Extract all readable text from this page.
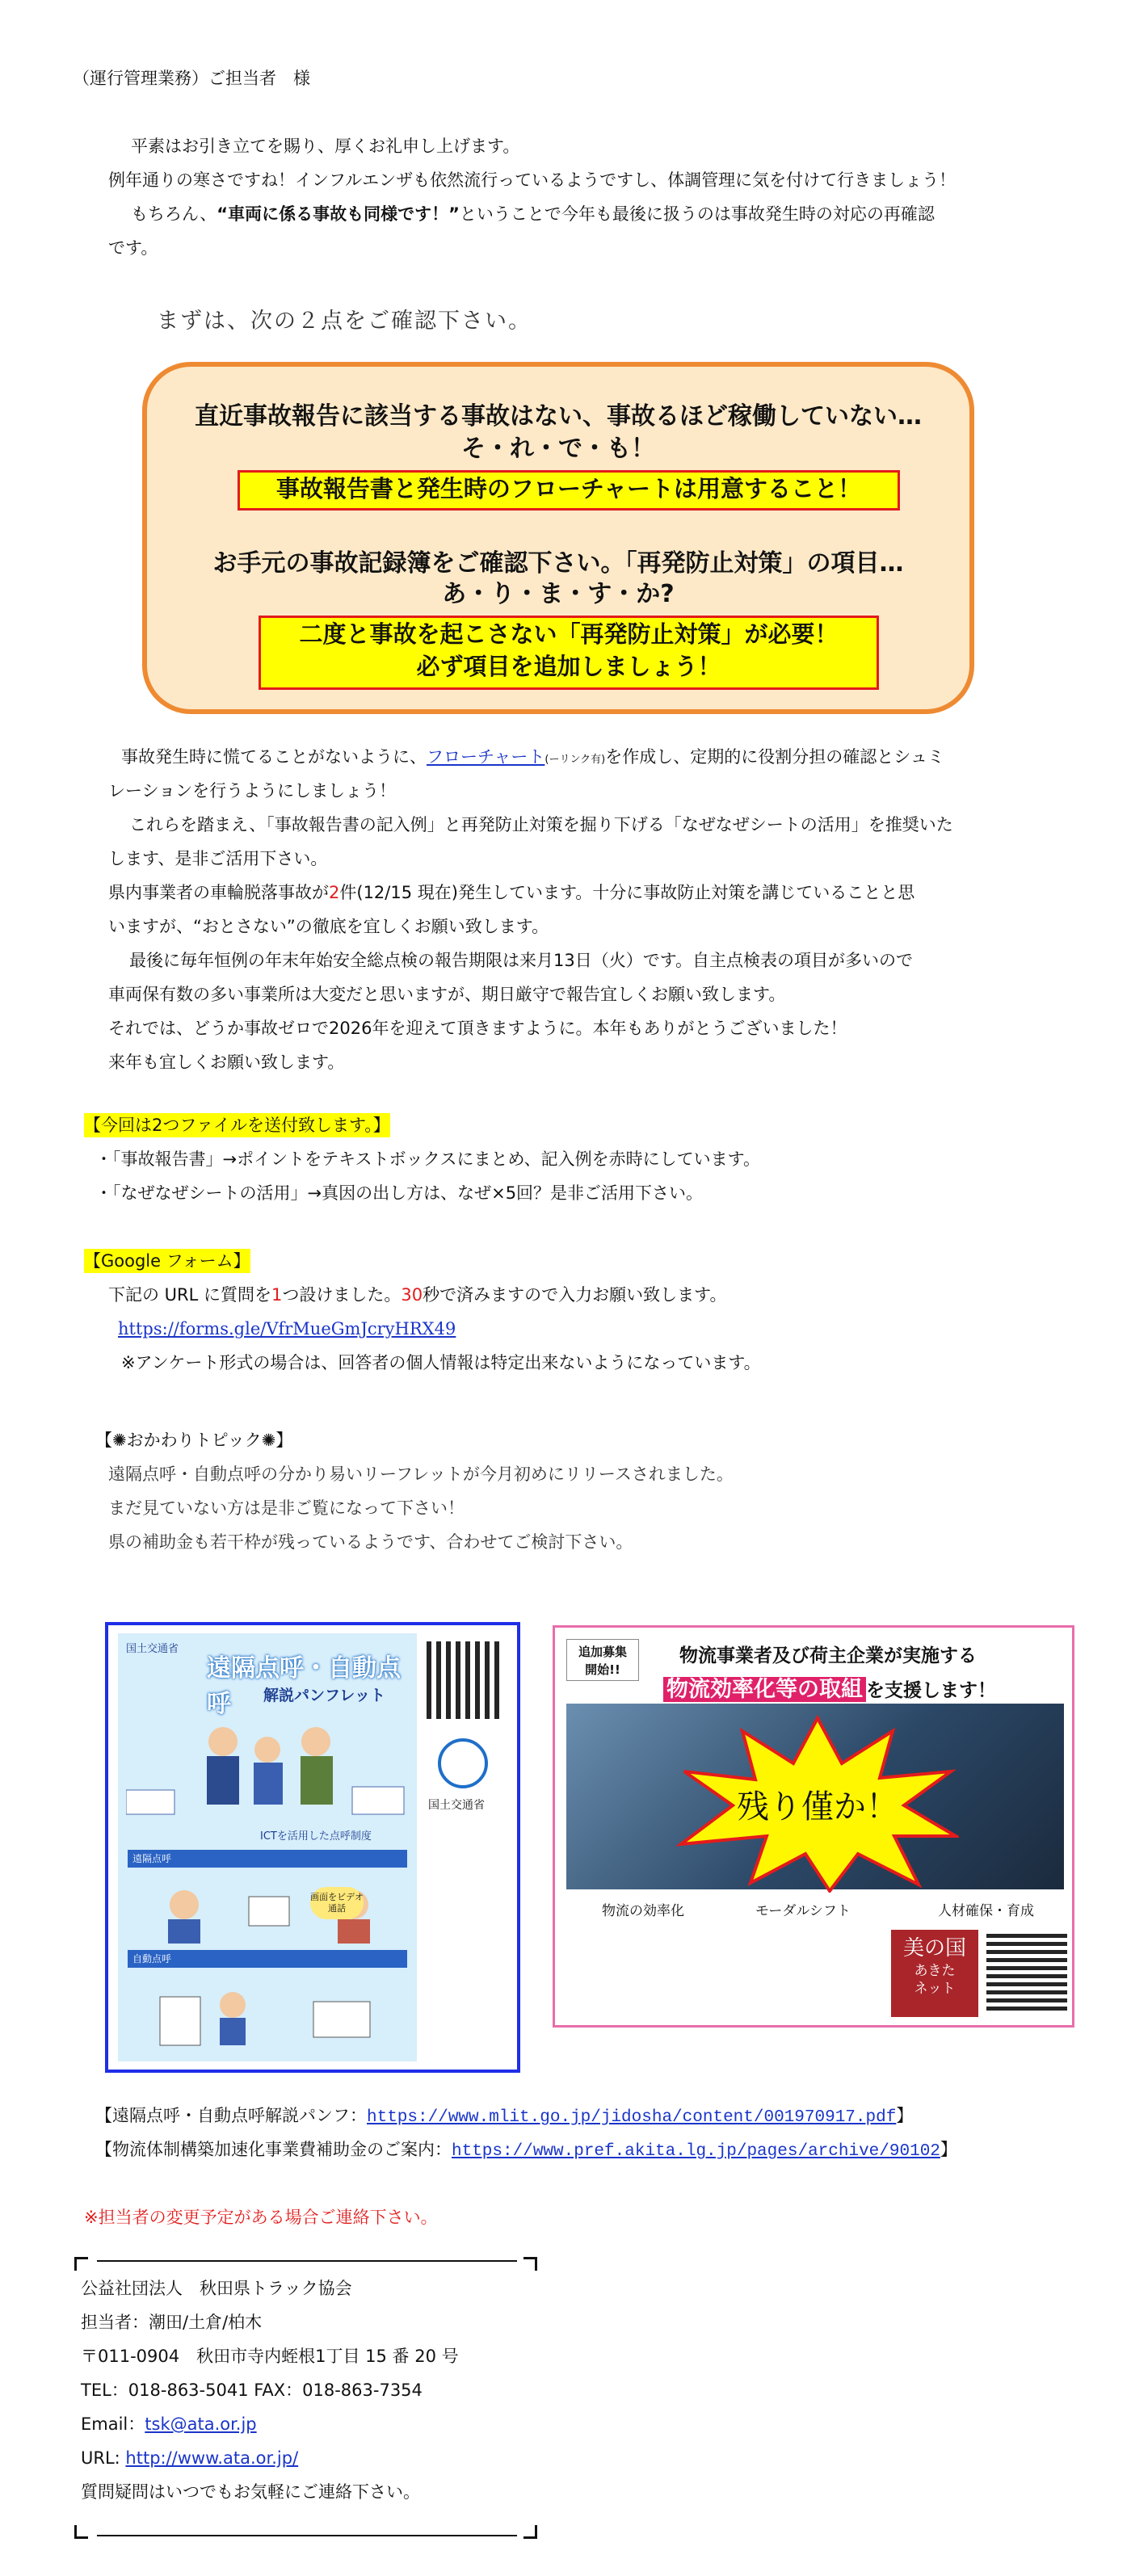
（運行管理業務）ご担当者　様
平素はお引き立てを賜り、厚くお礼申し上げます。
例年通りの寒さですね！インフルエンザも依然流行っているようですし、体調管理に気を付けて行きましょう！
もちろん、“車両に係る事故も同様です！”ということで今年も最後に扱うのは事故発生時の対応の再確認
です。
まずは、次の２点をご確認下さい。
直近事故報告に該当する事故はない、事故るほど稼働していない…
そ・れ・で・も！
事故報告書と発生時のフローチャートは用意すること！
お手元の事故記録簿をご確認下さい。「再発防止対策」の項目…
あ・り・ま・す・か?
二度と事故を起こさない「再発防止対策」が必要！
必ず項目を追加しましょう！
事故発生時に慌てることがないように、フローチャート(ーリンク有)を作成し、定期的に役割分担の確認とシュミ
レーションを行うようにしましょう！
これらを踏まえ、「事故報告書の記入例」と再発防止対策を掘り下げる「なぜなぜシートの活用」を推奨いた
します、是非ご活用下さい。
県内事業者の車輪脱落事故が2件(12/15 現在)発生しています。十分に事故防止対策を講じていることと思
いますが、“おとさない”の徹底を宜しくお願い致します。
最後に毎年恒例の年末年始安全総点検の報告期限は来月13日（火）です。自主点検表の項目が多いので
車両保有数の多い事業所は大変だと思いますが、期日厳守で報告宜しくお願い致します。
それでは、どうか事故ゼロで2026年を迎えて頂きますように。本年もありがとうございました！
来年も宜しくお願い致します。
【今回は2つファイルを送付致します。】
・「事故報告書」→ポイントをテキストボックスにまとめ、記入例を赤時にしています。
・「なぜなぜシートの活用」→真因の出し方は、なぜ×5回？是非ご活用下さい。
【Google フォーム】
下記の URL に質問を1つ設けました。30秒で済みますので入力お願い致します。
https://forms.gle/VfrMueGmJcryHRX49
※アンケート形式の場合は、回答者の個人情報は特定出来ないようになっています。
【✺おかわりトピック✺】
遠隔点呼・自動点呼の分かり易いリーフレットが今月初めにリリースされました。
まだ見ていない方は是非ご覧になって下さい！
県の補助金も若干枠が残っているようです、合わせてご検討下さい。
国土交通省
遠隔点呼・自動点呼	解説パンフレット
ICTを活用した点呼制度
遠隔点呼
画面をビデオ通話
自動点呼
国土交通省
追加募集
開始!!
物流事業者及び荷主企業が実施する
物流効率化等の取組 を支援します！
残り僅か！
物流の効率化	モーダルシフト	人材確保・育成
美の国
あきた
ネット
【遠隔点呼・自動点呼解説パンフ：https://www.mlit.go.jp/jidosha/content/001970917.pdf】
【物流体制構築加速化事業費補助金のご案内：https://www.pref.akita.lg.jp/pages/archive/90102】
※担当者の変更予定がある場合ご連絡下さい。
公益社団法人　秋田県トラック協会
担当者：潮田/土倉/柏木
〒011-0904　秋田市寺内蛭根1丁目 15 番 20 号
TEL：018-863-5041 FAX：018-863-7354
Email：tsk@ata.or.jp
URL: http://www.ata.or.jp/
質問疑問はいつでもお気軽にご連絡下さい。
